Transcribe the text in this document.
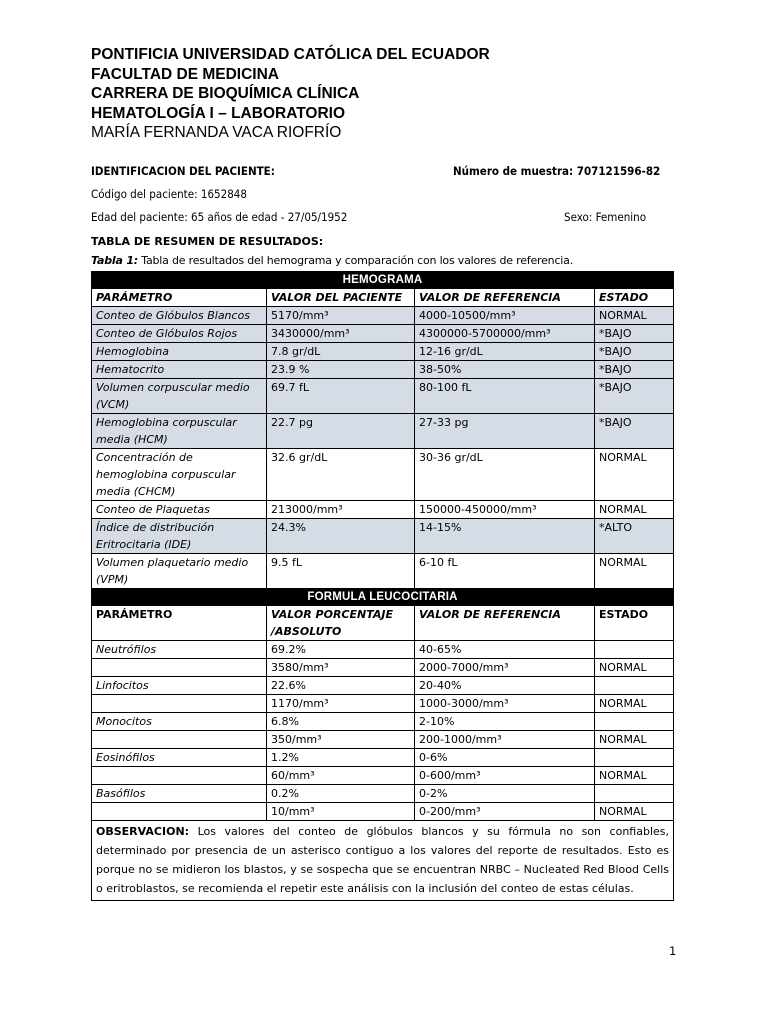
PONTIFICIA UNIVERSIDAD CATÓLICA DEL ECUADOR
FACULTAD DE MEDICINA
CARRERA DE BIOQUÍMICA CLÍNICA
HEMATOLOGÍA I – LABORATORIO
MARÍA FERNANDA VACA RIOFRÍO
IDENTIFICACION DEL PACIENTE:	Número de muestra: 707121596-82
Código del paciente: 1652848
Edad del paciente: 65 años de edad - 27/05/1952	Sexo: Femenino
TABLA DE RESUMEN DE RESULTADOS:
Tabla 1: Tabla de resultados del hemograma y comparación con los valores de referencia.
HEMOGRAMA			
PARÁMETRO	VALOR DEL PACIENTE	VALOR DE REFERENCIA	ESTADO
Conteo de Glóbulos Blancos	5170/mm³	4000-10500/mm³	NORMAL
Conteo de Glóbulos Rojos	3430000/mm³	4300000-5700000/mm³	*BAJO
Hemoglobina	7.8 gr/dL	12-16 gr/dL	*BAJO
Hematocrito	23.9 %	38-50%	*BAJO
Volumen corpuscular medio (VCM)	69.7 fL	80-100 fL	*BAJO
Hemoglobina corpuscular media (HCM)	22.7 pg	27-33 pg	*BAJO
Concentración de hemoglobina corpuscular media (CHCM)	32.6 gr/dL	30-36 gr/dL	NORMAL
Conteo de Plaquetas	213000/mm³	150000-450000/mm³	NORMAL
Índice de distribución Eritrocitaria (IDE)	24.3%	14-15%	*ALTO
Volumen plaquetario medio (VPM)	9.5 fL	6-10 fL	NORMAL
FORMULA LEUCOCITARIA			
PARÁMETRO	VALOR PORCENTAJE /ABSOLUTO	VALOR DE REFERENCIA	ESTADO
Neutrófilos	69.2%	40-65%	
	3580/mm³	2000-7000/mm³	NORMAL
Linfocitos	22.6%	20-40%	
	1170/mm³	1000-3000/mm³	NORMAL
Monocitos	6.8%	2-10%	
	350/mm³	200-1000/mm³	NORMAL
Eosinófilos	1.2%	0-6%	
	60/mm³	0-600/mm³	NORMAL
Basófilos	0.2%	0-2%	
	10/mm³	0-200/mm³	NORMAL
OBSERVACION: Los valores del conteo de glóbulos blancos y su fórmula no son confiables, determinado por presencia de un asterisco contiguo a los valores del reporte de resultados. Esto es porque no se midieron los blastos, y se sospecha que se encuentran NRBC – Nucleated Red Blood Cells o eritroblastos, se recomienda el repetir este análisis con la inclusión del conteo de estas células.			
1
